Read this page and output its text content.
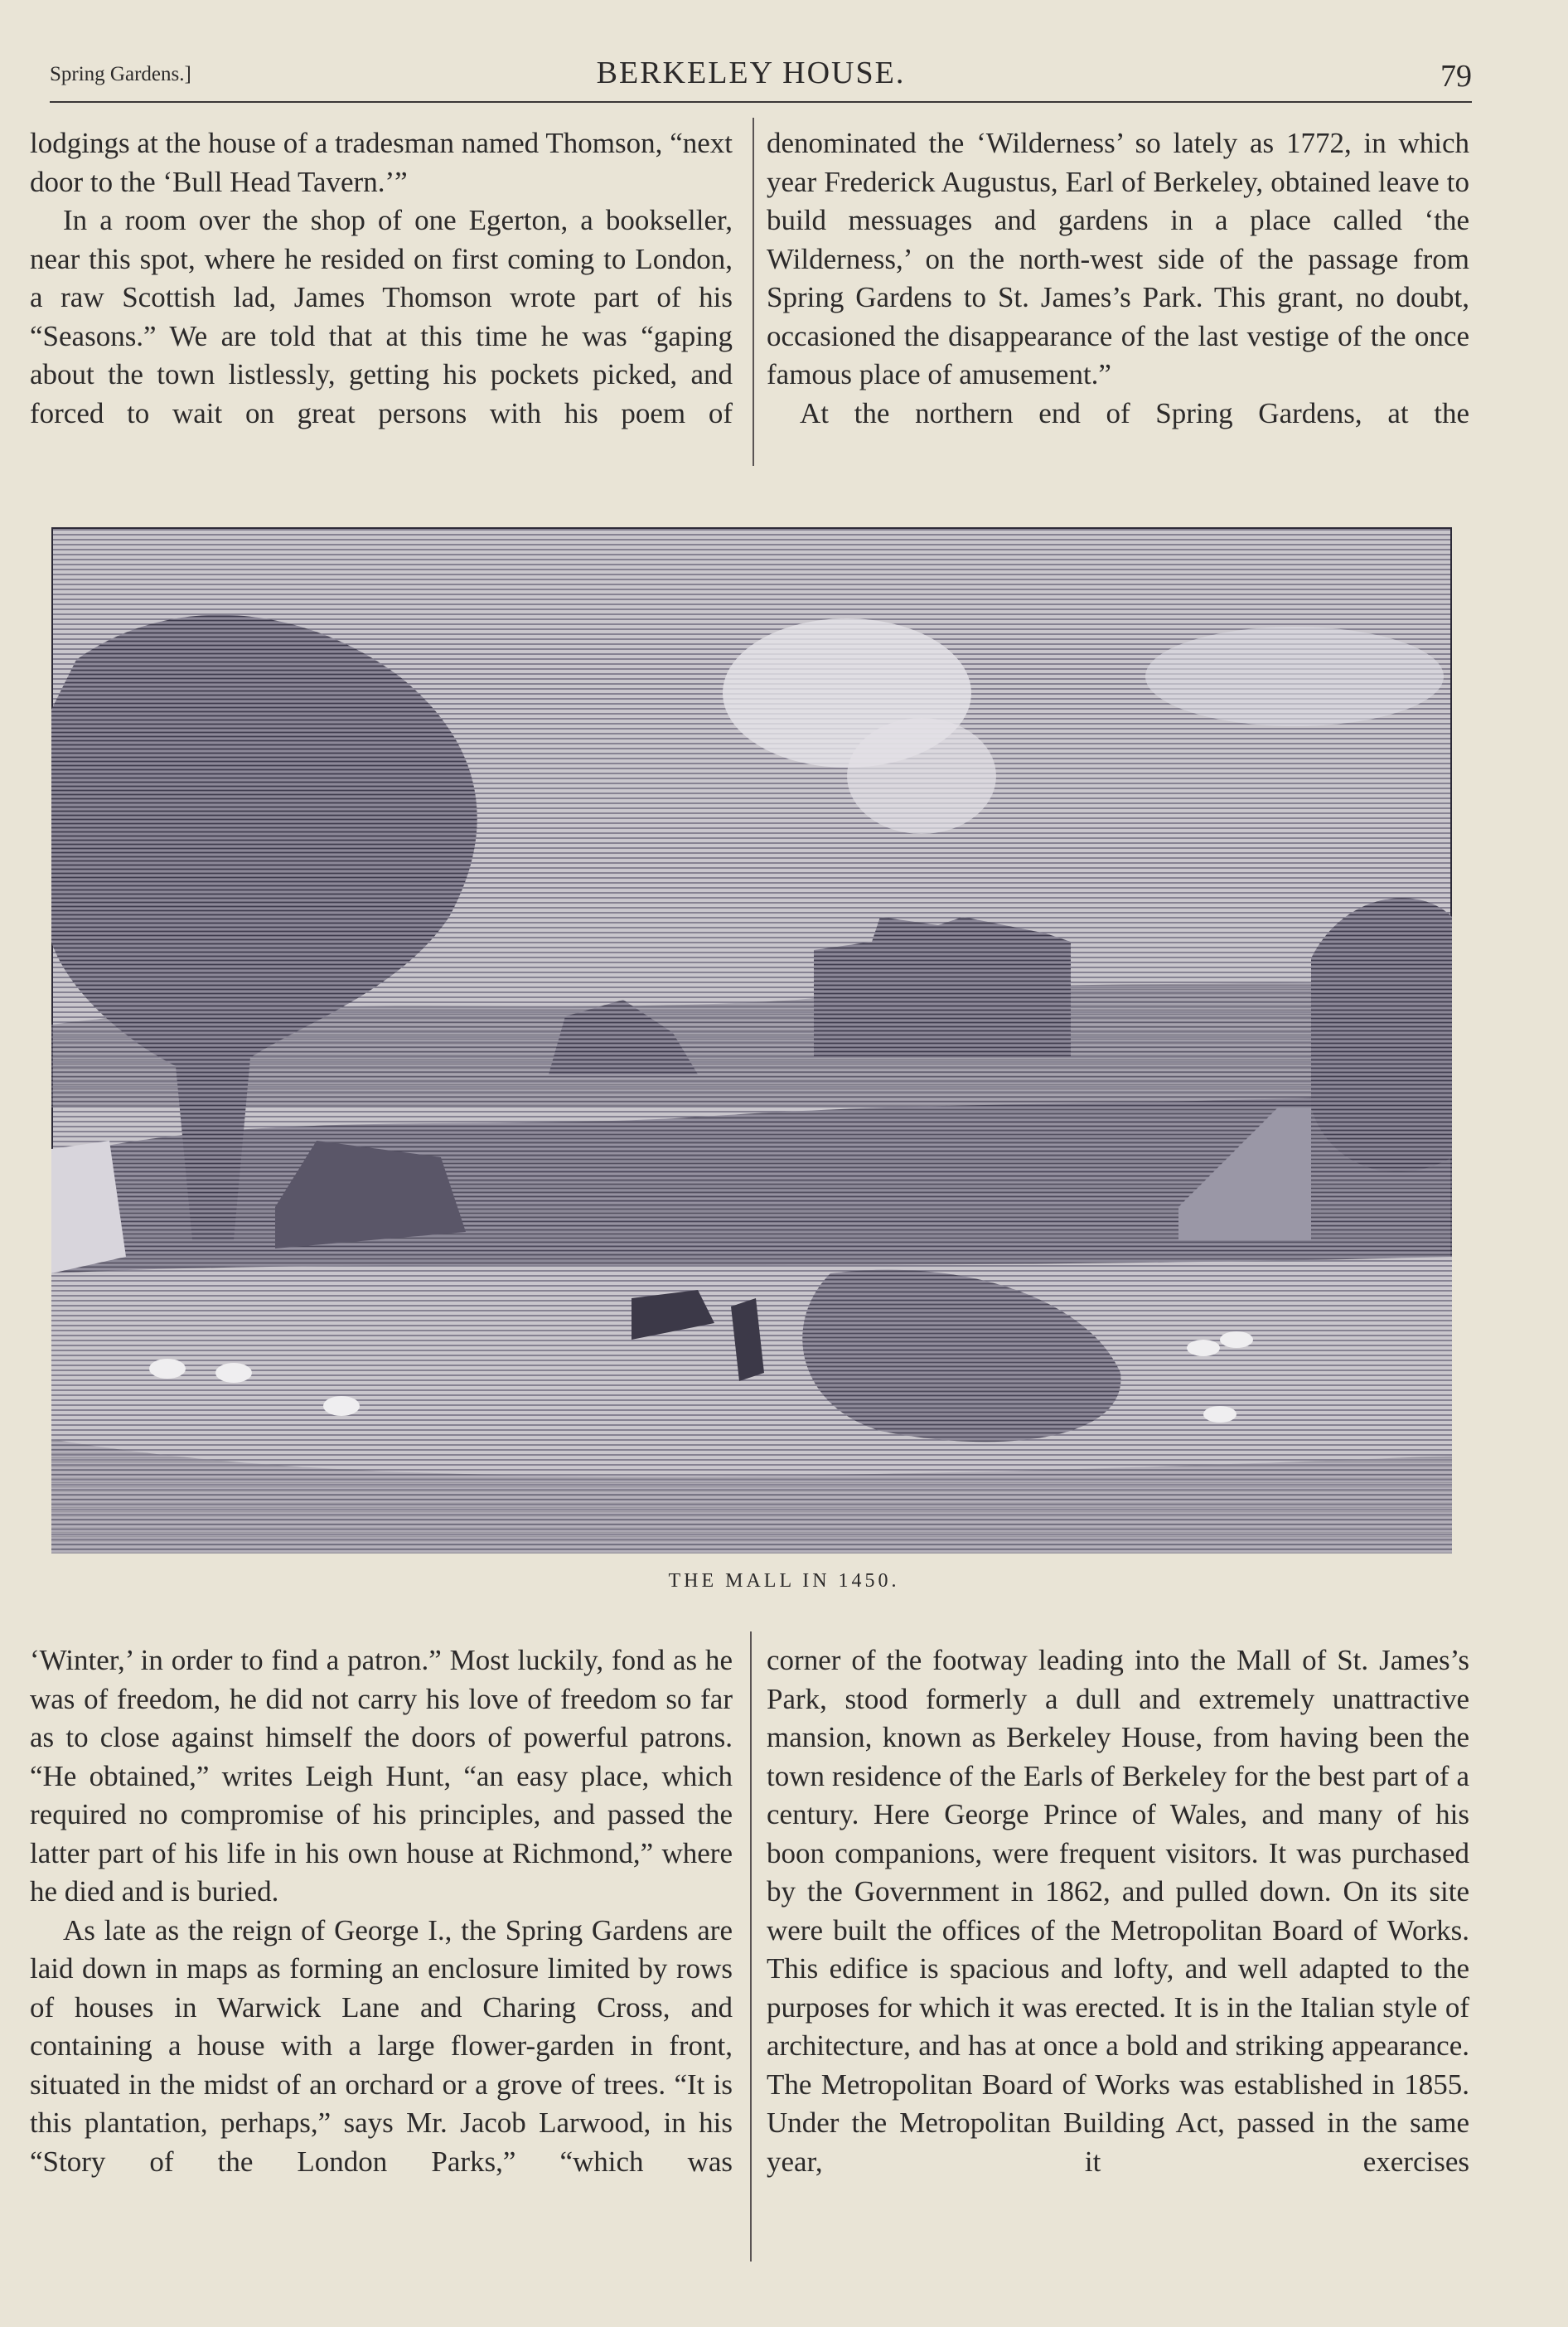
Spring Gardens.]	BERKELEY HOUSE.	79

lodgings at the house of a tradesman named Thomson, “next door to the ‘Bull Head Tavern.’”

In a room over the shop of one Egerton, a bookseller, near this spot, where he resided on first coming to London, a raw Scottish lad, James Thomson wrote part of his “Seasons.” We are told that at this time he was “gaping about the town listlessly, getting his pockets picked, and forced to wait on great persons with his poem of

denominated the ‘Wilderness’ so lately as 1772, in which year Frederick Augustus, Earl of Berkeley, obtained leave to build messuages and gardens in a place called ‘the Wilderness,’ on the north-west side of the passage from Spring Gardens to St. James’s Park. This grant, no doubt, occasioned the disappearance of the last vestige of the once famous place of amusement.”

At the northern end of Spring Gardens, at the

THE MALL IN 1450.

‘Winter,’ in order to find a patron.” Most luckily, fond as he was of freedom, he did not carry his love of freedom so far as to close against himself the doors of powerful patrons. “He obtained,” writes Leigh Hunt, “an easy place, which required no compromise of his principles, and passed the latter part of his life in his own house at Richmond,” where he died and is buried.

As late as the reign of George I., the Spring Gardens are laid down in maps as forming an enclosure limited by rows of houses in Warwick Lane and Charing Cross, and containing a house with a large flower-garden in front, situated in the midst of an orchard or a grove of trees. “It is this plantation, perhaps,” says Mr. Jacob Larwood, in his “Story of the London Parks,” “which was

corner of the footway leading into the Mall of St. James’s Park, stood formerly a dull and extremely unattractive mansion, known as Berkeley House, from having been the town residence of the Earls of Berkeley for the best part of a century. Here George Prince of Wales, and many of his boon companions, were frequent visitors. It was purchased by the Government in 1862, and pulled down. On its site were built the offices of the Metropolitan Board of Works. This edifice is spacious and lofty, and well adapted to the purposes for which it was erected. It is in the Italian style of architecture, and has at once a bold and striking appearance. The Metropolitan Board of Works was established in 1855. Under the Metropolitan Building Act, passed in the same year, it exercises
